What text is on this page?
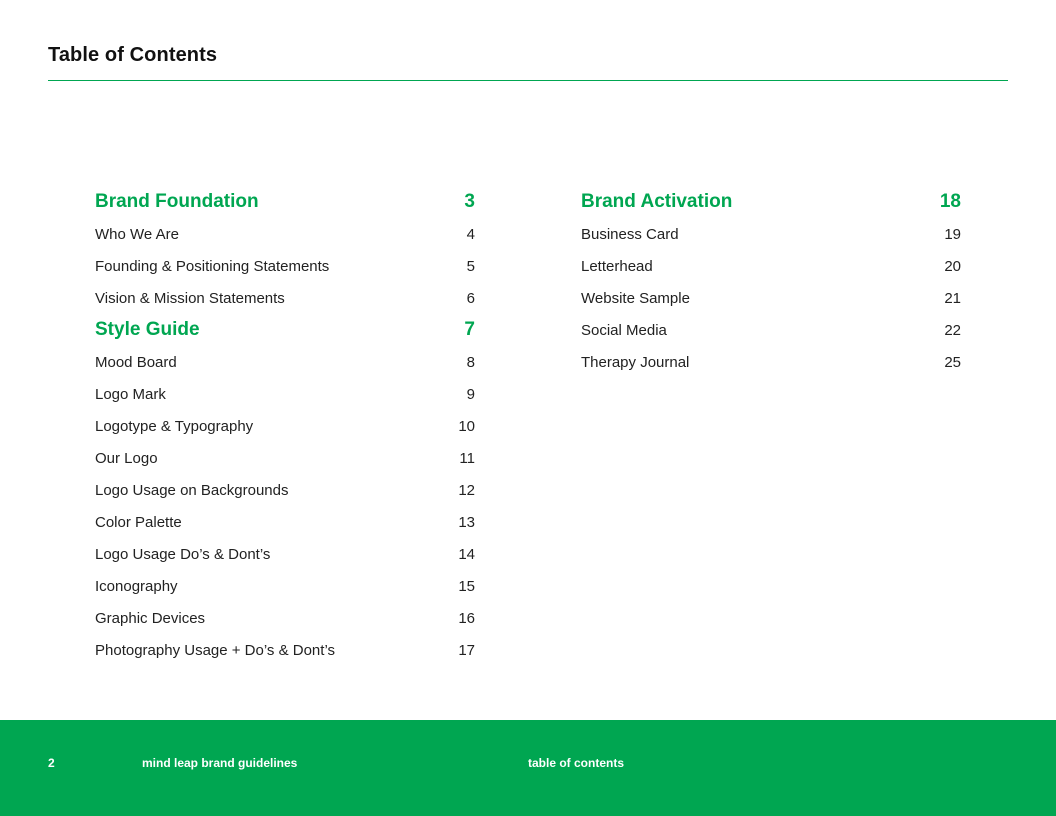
Table of Contents
Brand Foundation	3
Who We Are	4
Founding & Positioning Statements	5
Vision & Mission Statements	6
Style Guide	7
Mood Board	8
Logo Mark	9
Logotype & Typography	10
Our Logo	11
Logo Usage on Backgrounds	12
Color Palette	13
Logo Usage Do’s & Dont’s	14
Iconography	15
Graphic Devices	16
Photography Usage + Do’s & Dont’s	17
Brand Activation	18
Business Card	19
Letterhead	20
Website Sample	21
Social Media	22
Therapy Journal	25
2	mind leap brand guidelines	table of contents
